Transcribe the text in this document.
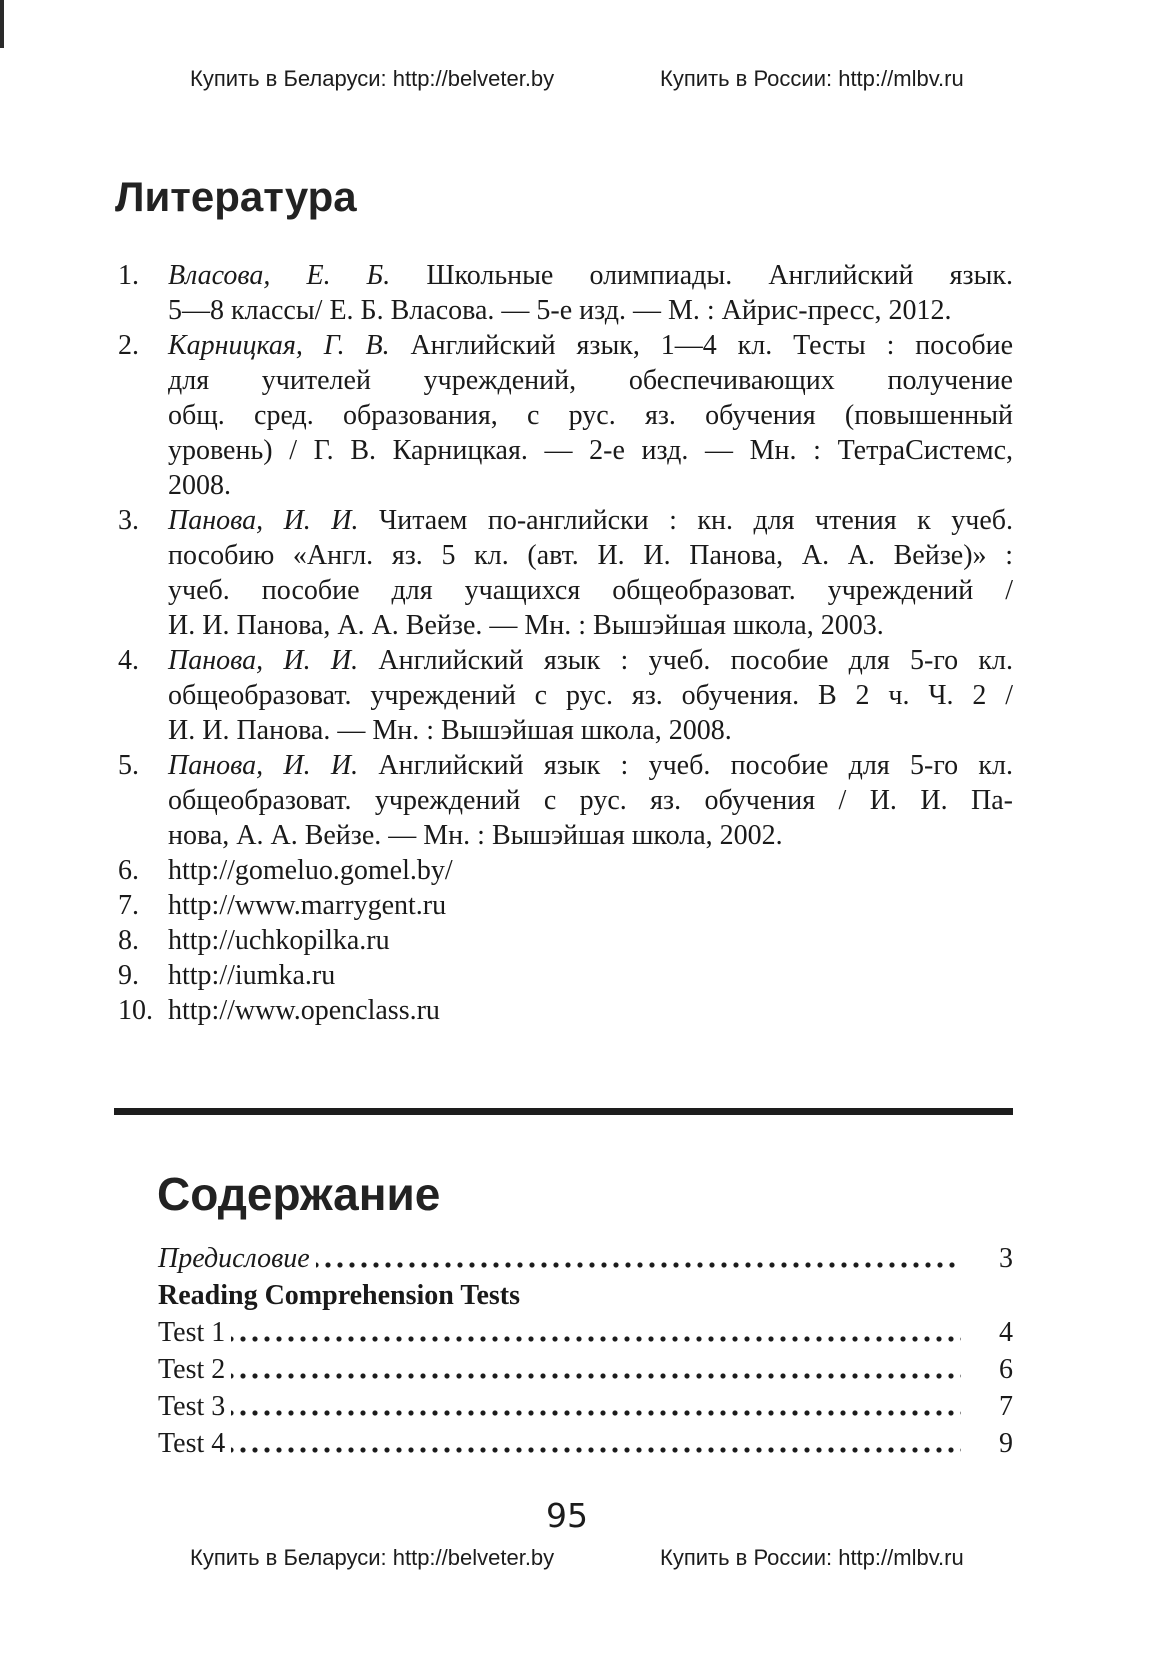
Купить в Беларуси: http://belveter.by	Купить в России: http://mlbv.ru
Литература
1.	Власова, Е. Б. Школьные олимпиады. Английский язык.
5—8 классы/ Е. Б. Власова. — 5-е изд. — М. : Айрис-пресс, 2012.
2.	Карницкая, Г. В. Английский язык, 1—4 кл. Тесты : пособие
для учителей учреждений, обеспечивающих получение
общ. сред. образования, с рус. яз. обучения (повышенный
уровень) / Г. В. Карницкая. — 2-е изд. — Мн. : ТетраСистемс,
2008.
3.	Панова, И. И. Читаем по-английски : кн. для чтения к учеб.
пособию «Англ. яз. 5 кл. (авт. И. И. Панова, А. А. Вейзе)» :
учеб. пособие для учащихся общеобразоват. учреждений /
И. И. Панова, А. А. Вейзе. — Мн. : Вышэйшая школа, 2003.
4.	Панова, И. И. Английский язык : учеб. пособие для 5-го кл.
общеобразоват. учреждений с рус. яз. обучения. В 2 ч. Ч. 2 /
И. И. Панова. — Мн. : Вышэйшая школа, 2008.
5.	Панова, И. И. Английский язык : учеб. пособие для 5-го кл.
общеобразоват. учреждений с рус. яз. обучения / И. И. Па-
нова, А. А. Вейзе. — Мн. : Вышэйшая школа, 2002.
6.	http://gomeluo.gomel.by/
7.	http://www.marrygent.ru
8.	http://uchkopilka.ru
9.	http://iumka.ru
10. http://www.openclass.ru
Содержание
Предисловие	3
Reading Comprehension Tests
Test 1	4
Test 2	6
Test 3	7
Test 4	9
95
Купить в Беларуси: http://belveter.by	Купить в России: http://mlbv.ru
